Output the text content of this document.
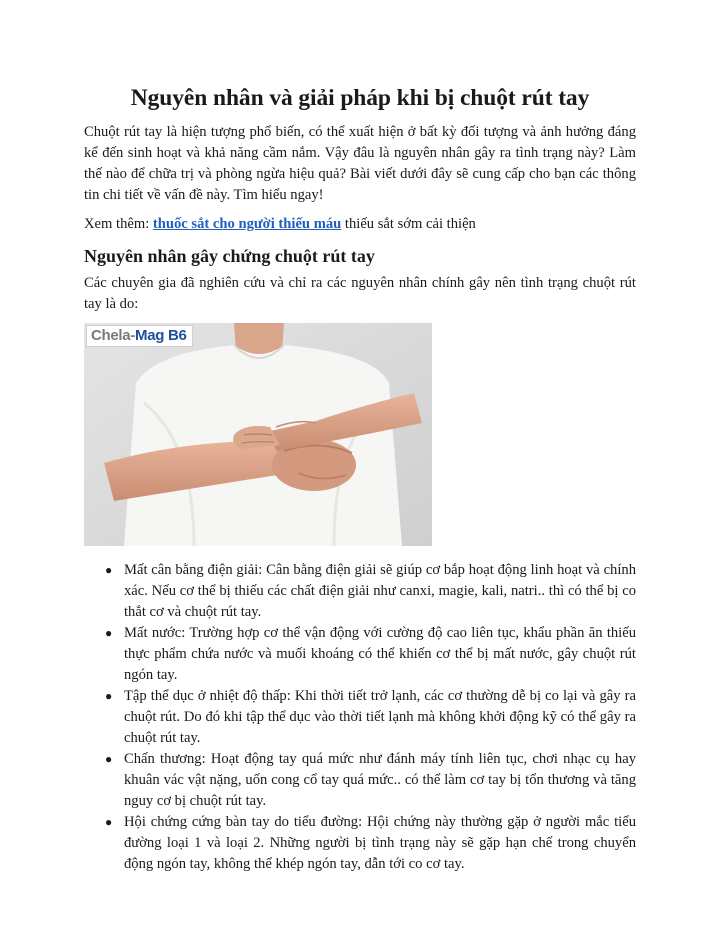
Nguyên nhân và giải pháp khi bị chuột rút tay

Chuột rút tay là hiện tượng phổ biến, có thể xuất hiện ở bất kỳ đối tượng và ảnh hưởng đáng kể đến sinh hoạt và khả năng cầm nắm. Vậy đâu là nguyên nhân gây ra tình trạng này? Làm thế nào để chữa trị và phòng ngừa hiệu quả? Bài viết dưới đây sẽ cung cấp cho bạn các thông tin chi tiết về vấn đề này. Tìm hiểu ngay!

Xem thêm: thuốc sắt cho người thiếu máu thiếu sắt sớm cải thiện

Nguyên nhân gây chứng chuột rút tay

Các chuyên gia đã nghiên cứu và chỉ ra các nguyên nhân chính gây nên tình trạng chuột rút tay là do:

Chela-Mag B6
● Mất cân bằng điện giải: Cân bằng điện giải sẽ giúp cơ bắp hoạt động linh hoạt và chính xác. Nếu cơ thể bị thiếu các chất điện giải như canxi, magie, kali, natri.. thì có thể bị co thắt cơ và chuột rút tay.
● Mất nước: Trường hợp cơ thể vận động với cường độ cao liên tục, khẩu phần ăn thiếu thực phẩm chứa nước và muối khoáng có thể khiến cơ thể bị mất nước, gây chuột rút ngón tay.
● Tập thể dục ở nhiệt độ thấp: Khi thời tiết trở lạnh, các cơ thường dễ bị co lại và gây ra chuột rút. Do đó khi tập thể dục vào thời tiết lạnh mà không khởi động kỹ có thể gây ra chuột rút tay.
● Chấn thương: Hoạt động tay quá mức như đánh máy tính liên tục, chơi nhạc cụ hay khuân vác vật nặng, uốn cong cổ tay quá mức.. có thể làm cơ tay bị tổn thương và tăng nguy cơ bị chuột rút tay.
● Hội chứng cứng bàn tay do tiểu đường: Hội chứng này thường gặp ở người mắc tiểu đường loại 1 và loại 2. Những người bị tình trạng này sẽ gặp hạn chế trong chuyển động ngón tay, không thể khép ngón tay, dẫn tới co cơ tay.
